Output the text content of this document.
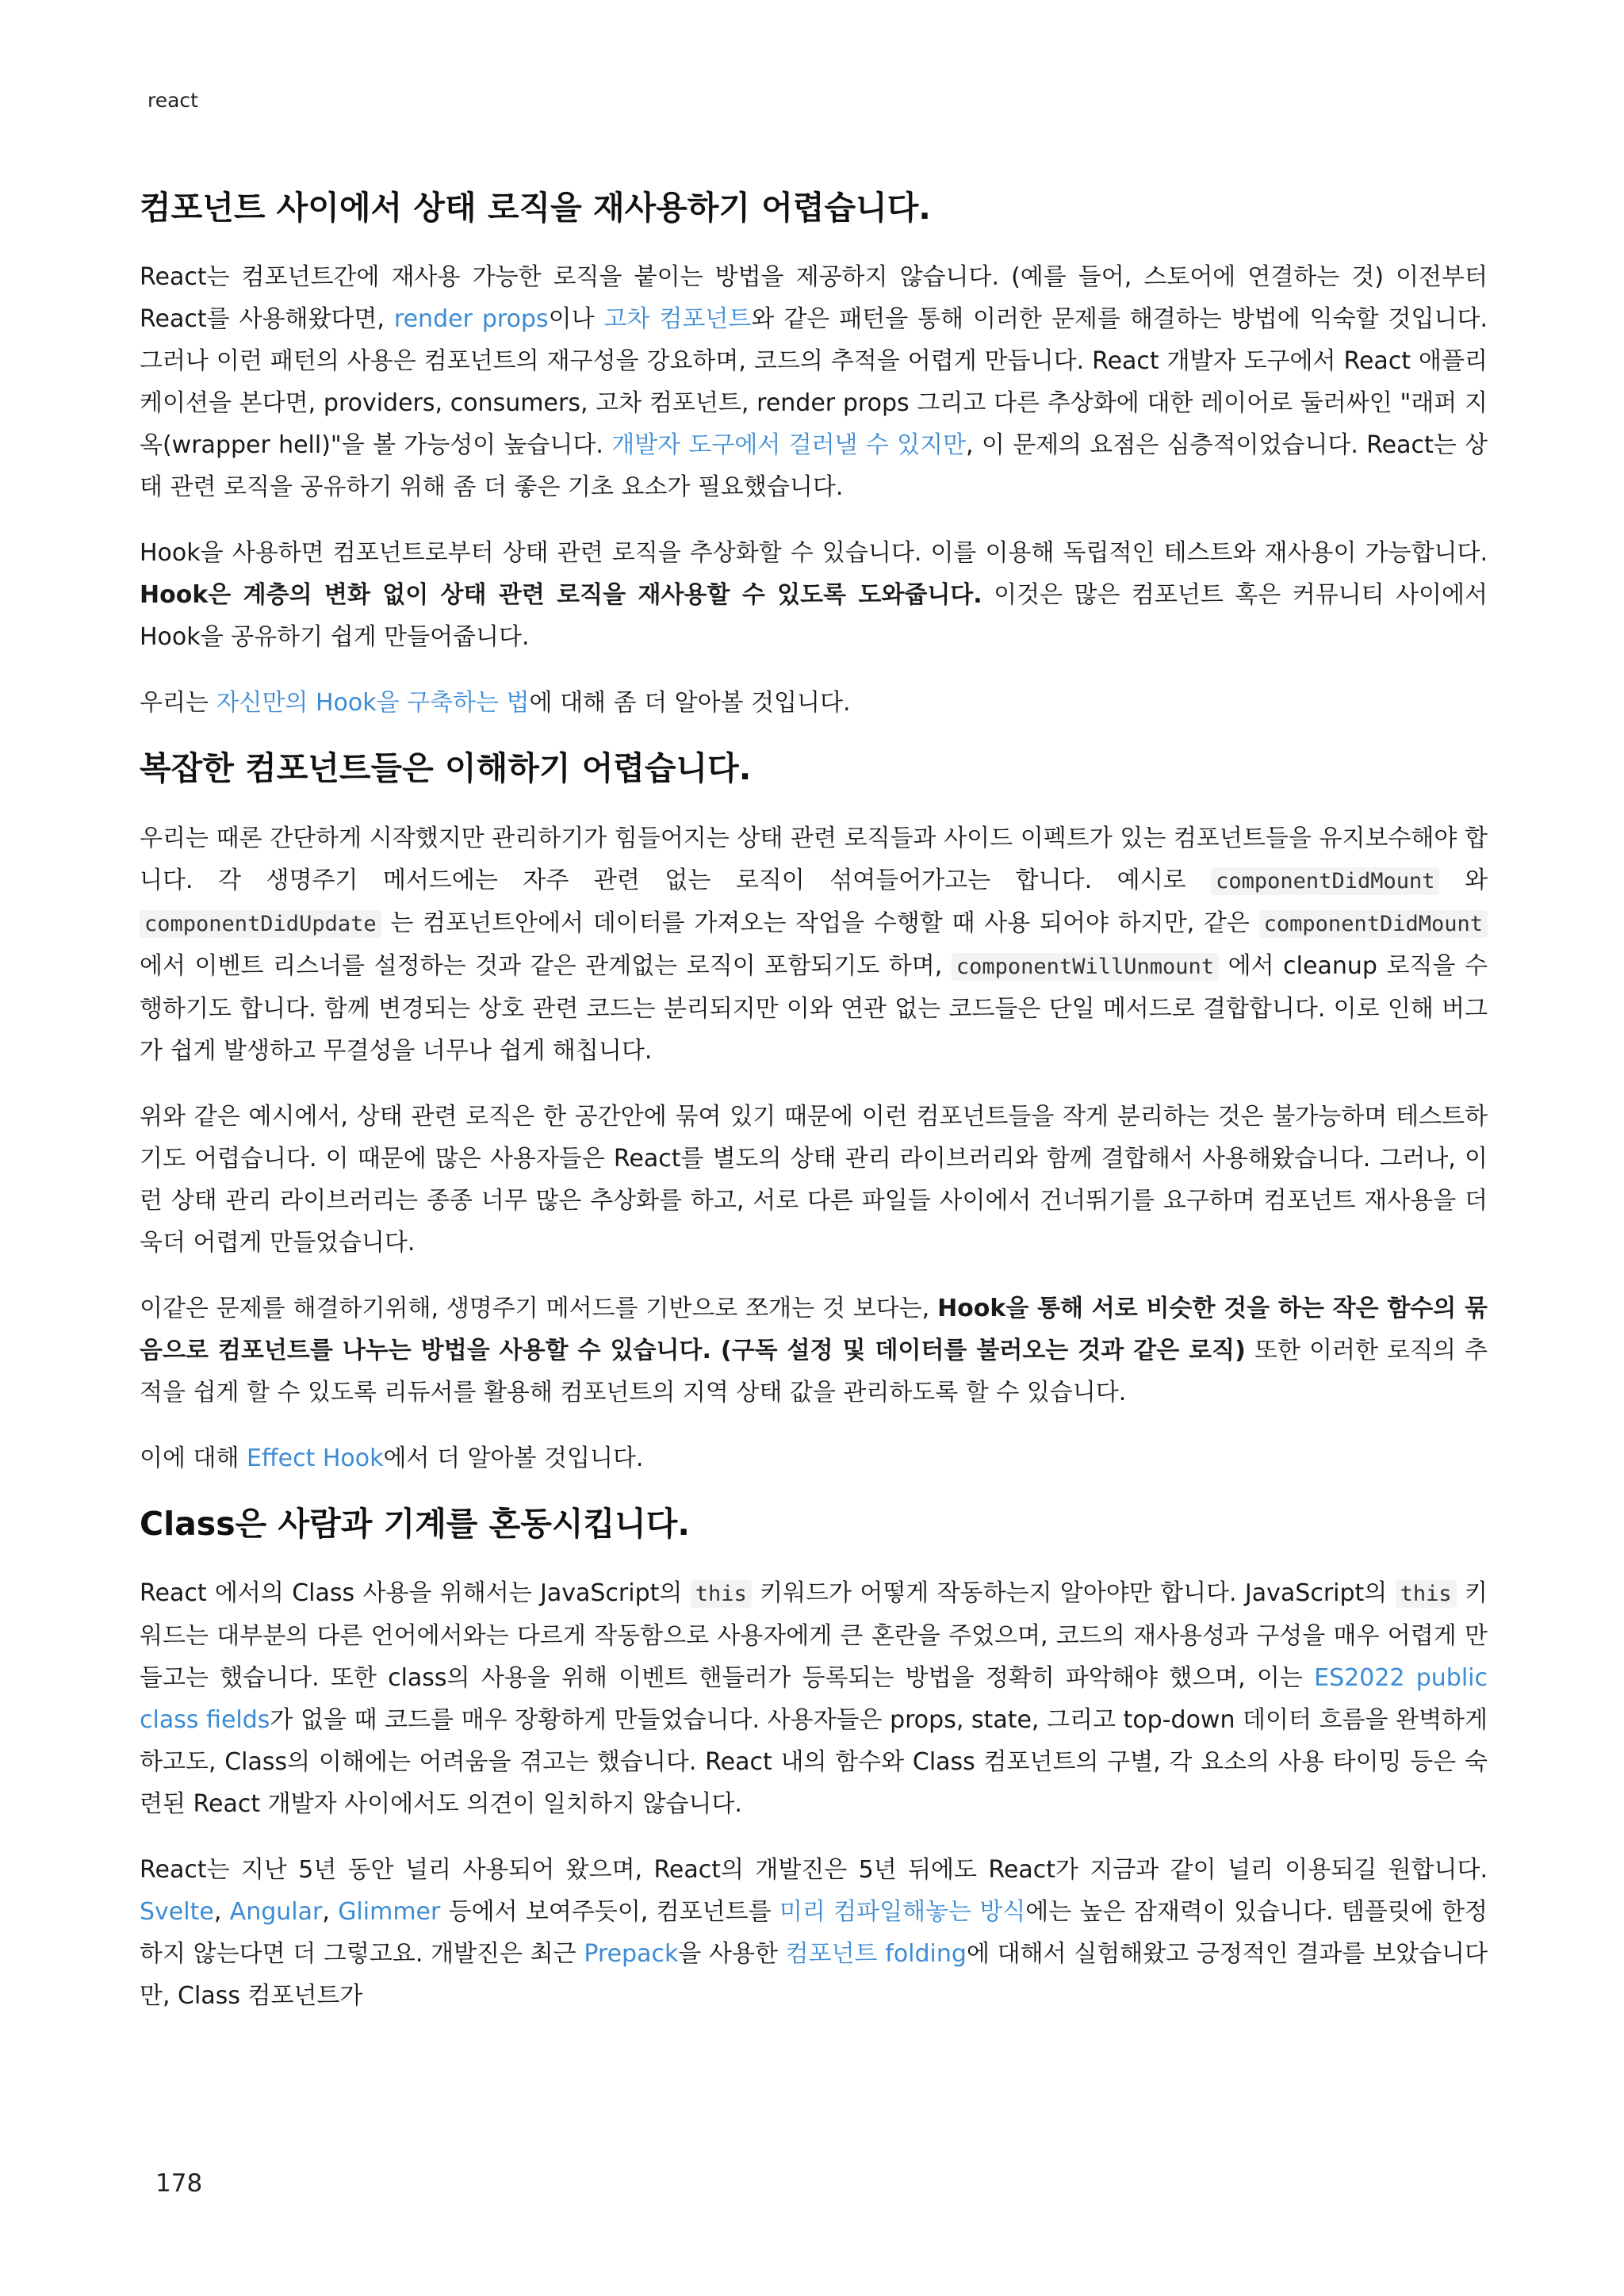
react
컴포넌트 사이에서 상태 로직을 재사용하기 어렵습니다.

React는 컴포넌트간에 재사용 가능한 로직을 붙이는 방법을 제공하지 않습니다. (예를 들어, 스토어에 연결하는 것) 이전부터 React를 사용해왔다면, render props이나 고차 컴포넌트와 같은 패턴을 통해 이러한 문제를 해결하는 방법에 익숙할 것입니다. 그러나 이런 패턴의 사용은 컴포넌트의 재구성을 강요하며, 코드의 추적을 어렵게 만듭니다. React 개발자 도구에서 React 애플리케이션을 본다면, providers, consumers, 고차 컴포넌트, render props 그리고 다른 추상화에 대한 레이어로 둘러싸인 "래퍼 지옥(wrapper hell)"을 볼 가능성이 높습니다. 개발자 도구에서 걸러낼 수 있지만, 이 문제의 요점은 심층적이었습니다. React는 상태 관련 로직을 공유하기 위해 좀 더 좋은 기초 요소가 필요했습니다.

Hook을 사용하면 컴포넌트로부터 상태 관련 로직을 추상화할 수 있습니다. 이를 이용해 독립적인 테스트와 재사용이 가능합니다. Hook은 계층의 변화 없이 상태 관련 로직을 재사용할 수 있도록 도와줍니다. 이것은 많은 컴포넌트 혹은 커뮤니티 사이에서 Hook을 공유하기 쉽게 만들어줍니다.

우리는 자신만의 Hook을 구축하는 법에 대해 좀 더 알아볼 것입니다.

복잡한 컴포넌트들은 이해하기 어렵습니다.

우리는 때론 간단하게 시작했지만 관리하기가 힘들어지는 상태 관련 로직들과 사이드 이펙트가 있는 컴포넌트들을 유지보수해야 합니다. 각 생명주기 메서드에는 자주 관련 없는 로직이 섞여들어가고는 합니다. 예시로 componentDidMount 와 componentDidUpdate 는 컴포넌트안에서 데이터를 가져오는 작업을 수행할 때 사용 되어야 하지만, 같은 componentDidMount 에서 이벤트 리스너를 설정하는 것과 같은 관계없는 로직이 포함되기도 하며, componentWillUnmount 에서 cleanup 로직을 수행하기도 합니다. 함께 변경되는 상호 관련 코드는 분리되지만 이와 연관 없는 코드들은 단일 메서드로 결합합니다. 이로 인해 버그가 쉽게 발생하고 무결성을 너무나 쉽게 해칩니다.

위와 같은 예시에서, 상태 관련 로직은 한 공간안에 묶여 있기 때문에 이런 컴포넌트들을 작게 분리하는 것은 불가능하며 테스트하기도 어렵습니다. 이 때문에 많은 사용자들은 React를 별도의 상태 관리 라이브러리와 함께 결합해서 사용해왔습니다. 그러나, 이런 상태 관리 라이브러리는 종종 너무 많은 추상화를 하고, 서로 다른 파일들 사이에서 건너뛰기를 요구하며 컴포넌트 재사용을 더욱더 어렵게 만들었습니다.

이같은 문제를 해결하기위해, 생명주기 메서드를 기반으로 쪼개는 것 보다는, Hook을 통해 서로 비슷한 것을 하는 작은 함수의 묶음으로 컴포넌트를 나누는 방법을 사용할 수 있습니다. (구독 설정 및 데이터를 불러오는 것과 같은 로직) 또한 이러한 로직의 추적을 쉽게 할 수 있도록 리듀서를 활용해 컴포넌트의 지역 상태 값을 관리하도록 할 수 있습니다.

이에 대해 Effect Hook에서 더 알아볼 것입니다.

Class은 사람과 기계를 혼동시킵니다.

React 에서의 Class 사용을 위해서는 JavaScript의 this 키워드가 어떻게 작동하는지 알아야만 합니다. JavaScript의 this 키워드는 대부분의 다른 언어에서와는 다르게 작동함으로 사용자에게 큰 혼란을 주었으며, 코드의 재사용성과 구성을 매우 어렵게 만들고는 했습니다. 또한 class의 사용을 위해 이벤트 핸들러가 등록되는 방법을 정확히 파악해야 했으며, 이는 ES2022 public class fields가 없을 때 코드를 매우 장황하게 만들었습니다. 사용자들은 props, state, 그리고 top-down 데이터 흐름을 완벽하게 하고도, Class의 이해에는 어려움을 겪고는 했습니다. React 내의 함수와 Class 컴포넌트의 구별, 각 요소의 사용 타이밍 등은 숙련된 React 개발자 사이에서도 의견이 일치하지 않습니다.

React는 지난 5년 동안 널리 사용되어 왔으며, React의 개발진은 5년 뒤에도 React가 지금과 같이 널리 이용되길 원합니다. Svelte, Angular, Glimmer 등에서 보여주듯이, 컴포넌트를 미리 컴파일해놓는 방식에는 높은 잠재력이 있습니다. 템플릿에 한정하지 않는다면 더 그렇고요. 개발진은 최근 Prepack을 사용한 컴포넌트 folding에 대해서 실험해왔고 긍정적인 결과를 보았습니다만, Class 컴포넌트가

178
